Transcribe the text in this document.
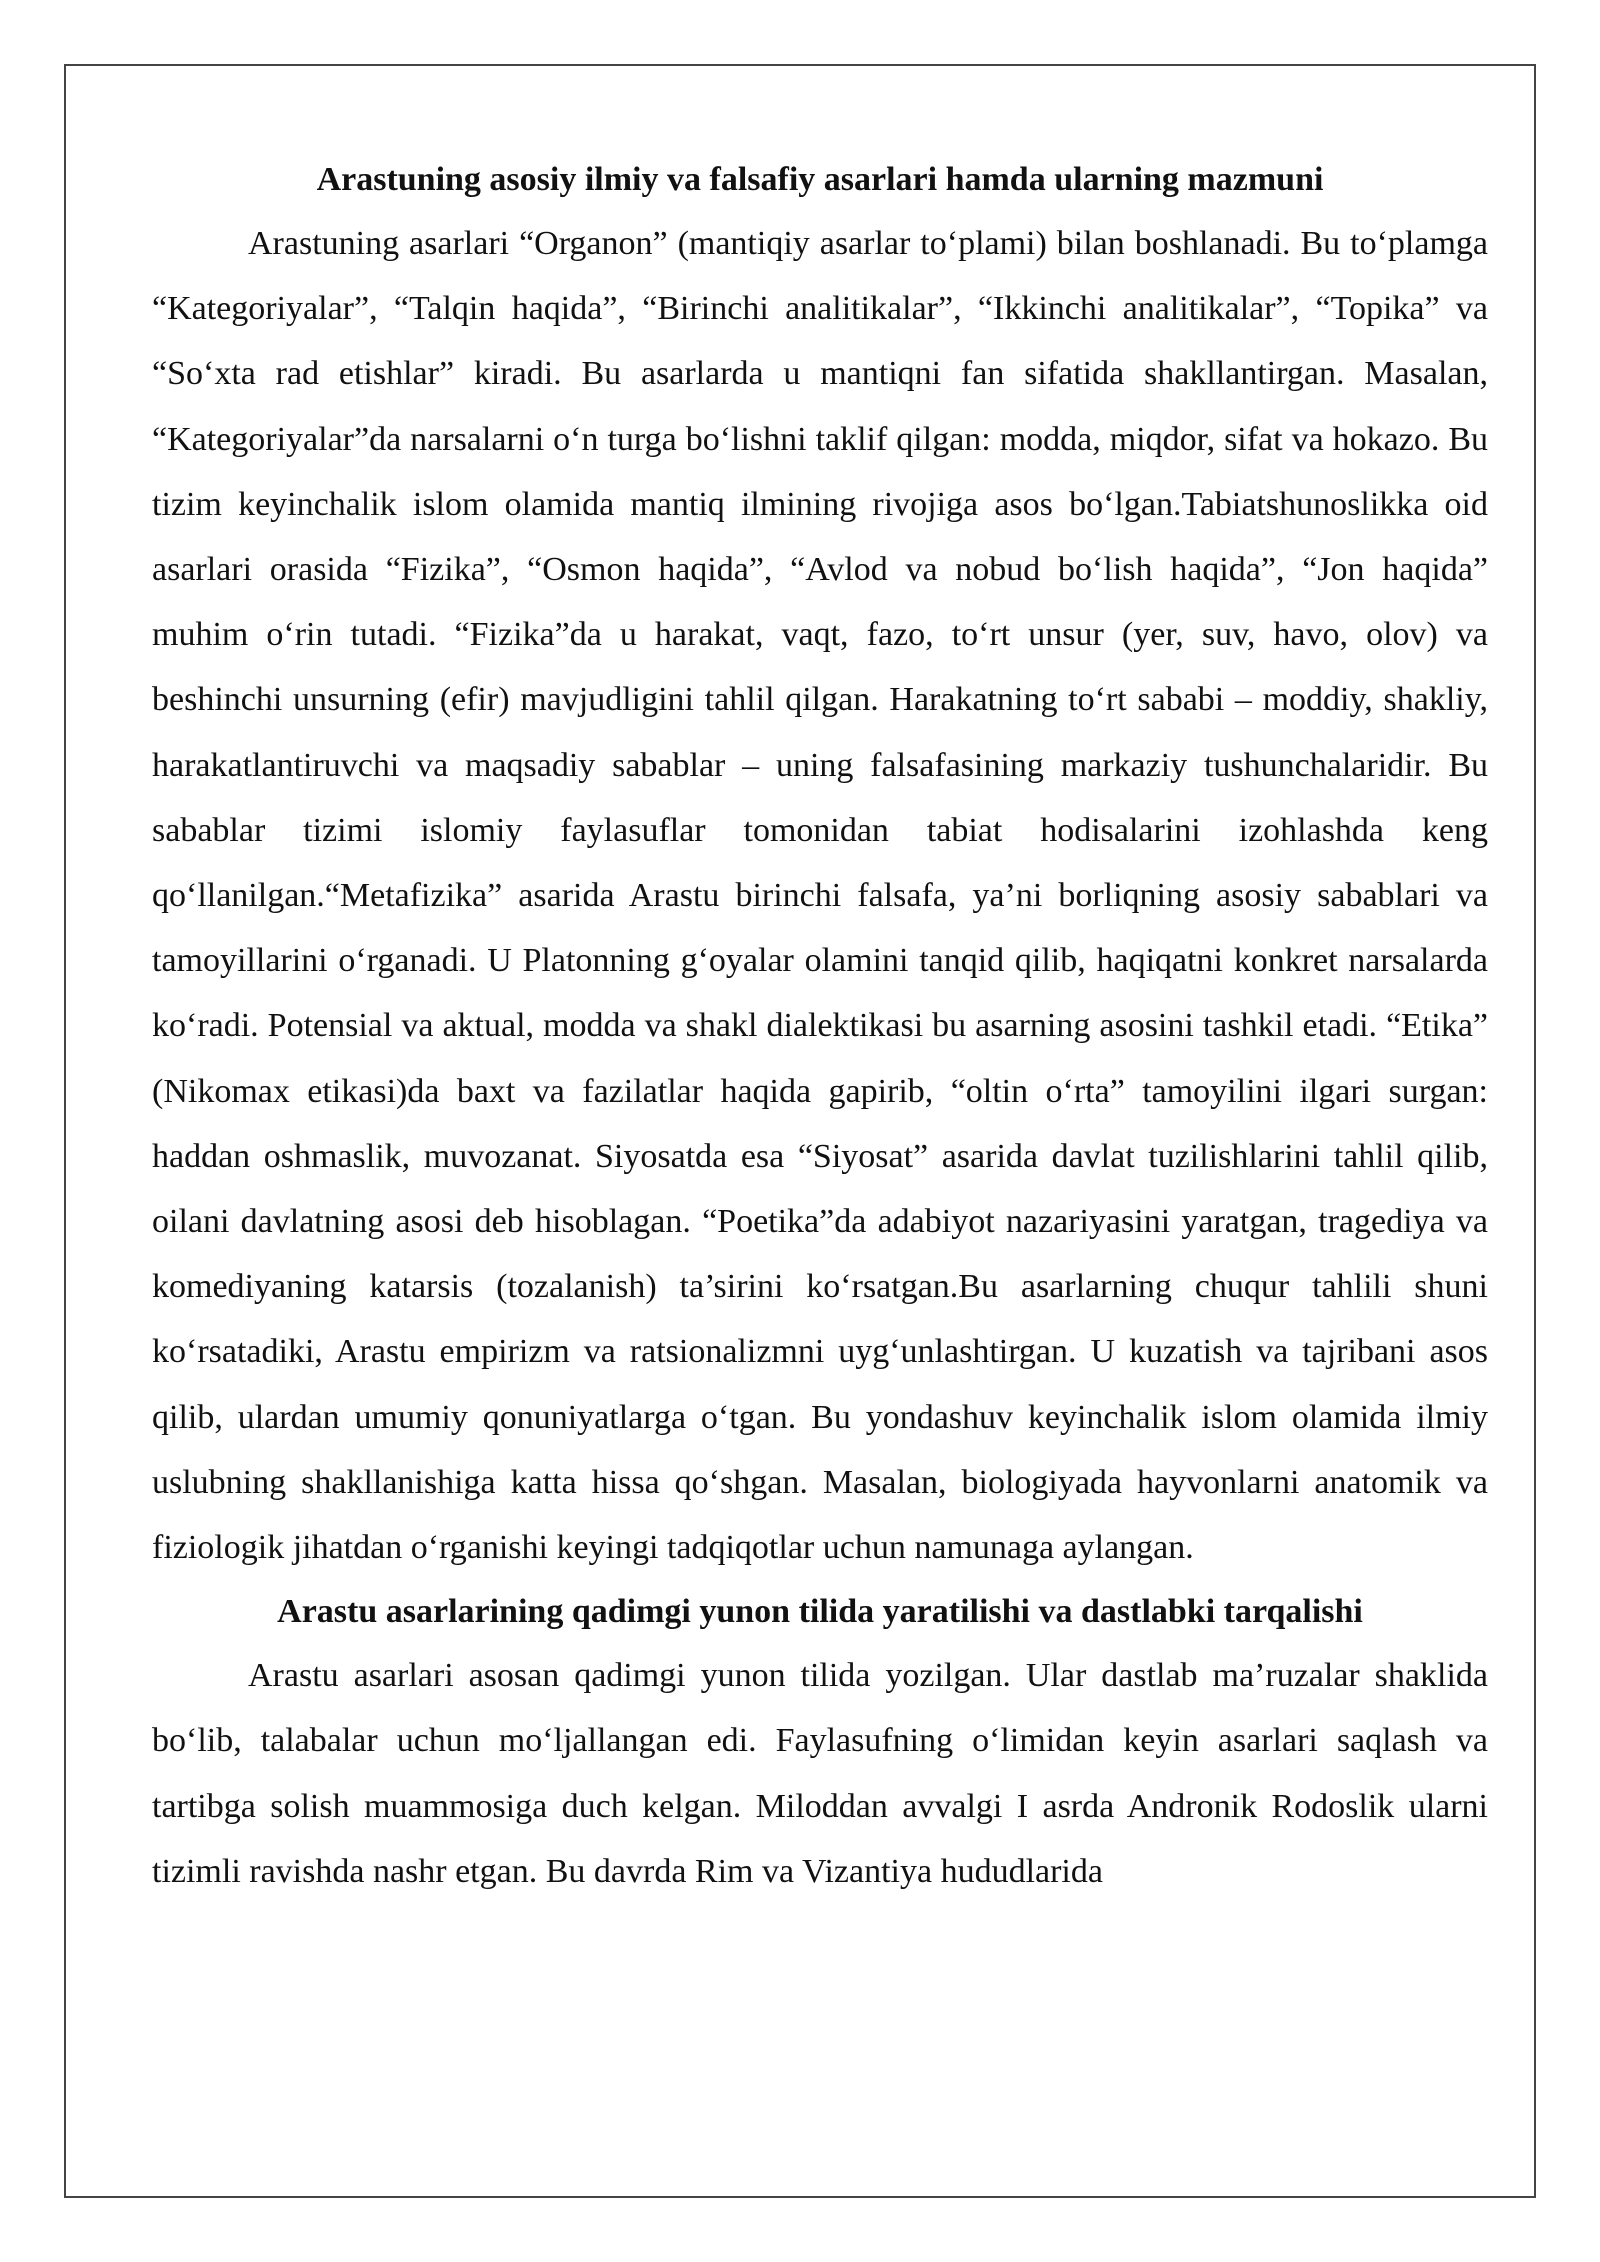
Arastuning asosiy ilmiy va falsafiy asarlari hamda ularning mazmuni

Arastuning asarlari “Organon” (mantiqiy asarlar to‘plami) bilan boshlanadi. Bu to‘plamga “Kategoriyalar”, “Talqin haqida”, “Birinchi analitikalar”, “Ikkinchi analitikalar”, “Topika” va “So‘xta rad etishlar” kiradi. Bu asarlarda u mantiqni fan sifatida shakllantirgan. Masalan, “Kategoriyalar”da narsalarni o‘n turga bo‘lishni taklif qilgan: modda, miqdor, sifat va hokazo. Bu tizim keyinchalik islom olamida mantiq ilmining rivojiga asos bo‘lgan.Tabiatshunoslikka oid asarlari orasida “Fizika”, “Osmon haqida”, “Avlod va nobud bo‘lish haqida”, “Jon haqida” muhim o‘rin tutadi. “Fizika”da u harakat, vaqt, fazo, to‘rt unsur (yer, suv, havo, olov) va beshinchi unsurning (efir) mavjudligini tahlil qilgan. Harakatning to‘rt sababi – moddiy, shakliy, harakatlantiruvchi va maqsadiy sabablar – uning falsafasining markaziy tushunchalaridir. Bu sabablar tizimi islomiy faylasuflar tomonidan tabiat hodisalarini izohlashda keng qo‘llanilgan.“Metafizika” asarida Arastu birinchi falsafa, ya’ni borliqning asosiy sabablari va tamoyillarini o‘rganadi. U Platonning g‘oyalar olamini tanqid qilib, haqiqatni konkret narsalarda ko‘radi. Potensial va aktual, modda va shakl dialektikasi bu asarning asosini tashkil etadi. “Etika” (Nikomax etikasi)da baxt va fazilatlar haqida gapirib, “oltin o‘rta” tamoyilini ilgari surgan: haddan oshmaslik, muvozanat. Siyosatda esa “Siyosat” asarida davlat tuzilishlarini tahlil qilib, oilani davlatning asosi deb hisoblagan. “Poetika”da adabiyot nazariyasini yaratgan, tragediya va komediyaning katarsis (tozalanish) ta’sirini ko‘rsatgan.Bu asarlarning chuqur tahlili shuni ko‘rsatadiki, Arastu empirizm va ratsionalizmni uyg‘unlashtirgan. U kuzatish va tajribani asos qilib, ulardan umumiy qonuniyatlarga o‘tgan. Bu yondashuv keyinchalik islom olamida ilmiy uslubning shakllanishiga katta hissa qo‘shgan. Masalan, biologiyada hayvonlarni anatomik va fiziologik jihatdan o‘rganishi keyingi tadqiqotlar uchun namunaga aylangan.

Arastu asarlarining qadimgi yunon tilida yaratilishi va dastlabki tarqalishi

Arastu asarlari asosan qadimgi yunon tilida yozilgan. Ular dastlab ma’ruzalar shaklida bo‘lib, talabalar uchun mo‘ljallangan edi. Faylasufning o‘limidan keyin asarlari saqlash va tartibga solish muammosiga duch kelgan. Miloddan avvalgi I asrda Andronik Rodoslik ularni tizimli ravishda nashr etgan. Bu davrda Rim va Vizantiya hududlarida
